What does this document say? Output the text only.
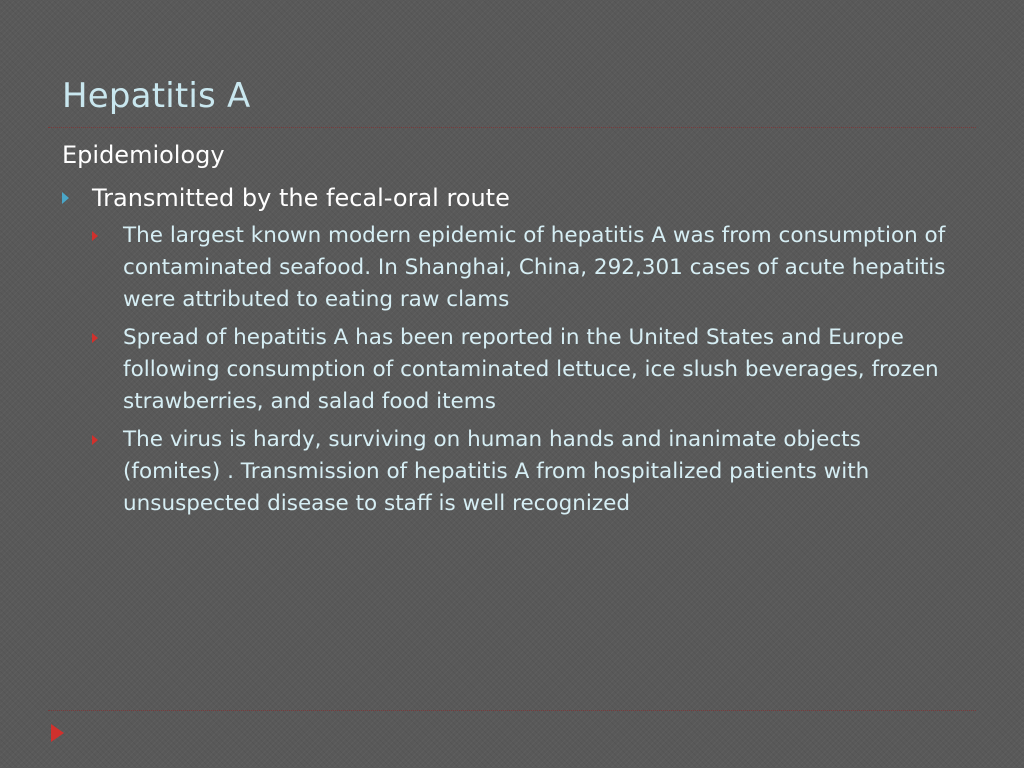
Hepatitis A
Epidemiology
Transmitted by the fecal-oral route
The largest known modern epidemic of hepatitis A was from consumption of contaminated seafood. In Shanghai, China, 292,301 cases of acute hepatitis were attributed to eating raw clams
Spread of hepatitis A has been reported in the United States and Europe following consumption of contaminated lettuce, ice slush beverages, frozen strawberries, and salad food items
The virus is hardy, surviving on human hands and inanimate objects (fomites) . Transmission of hepatitis A from hospitalized patients with unsuspected disease to staff is well recognized
